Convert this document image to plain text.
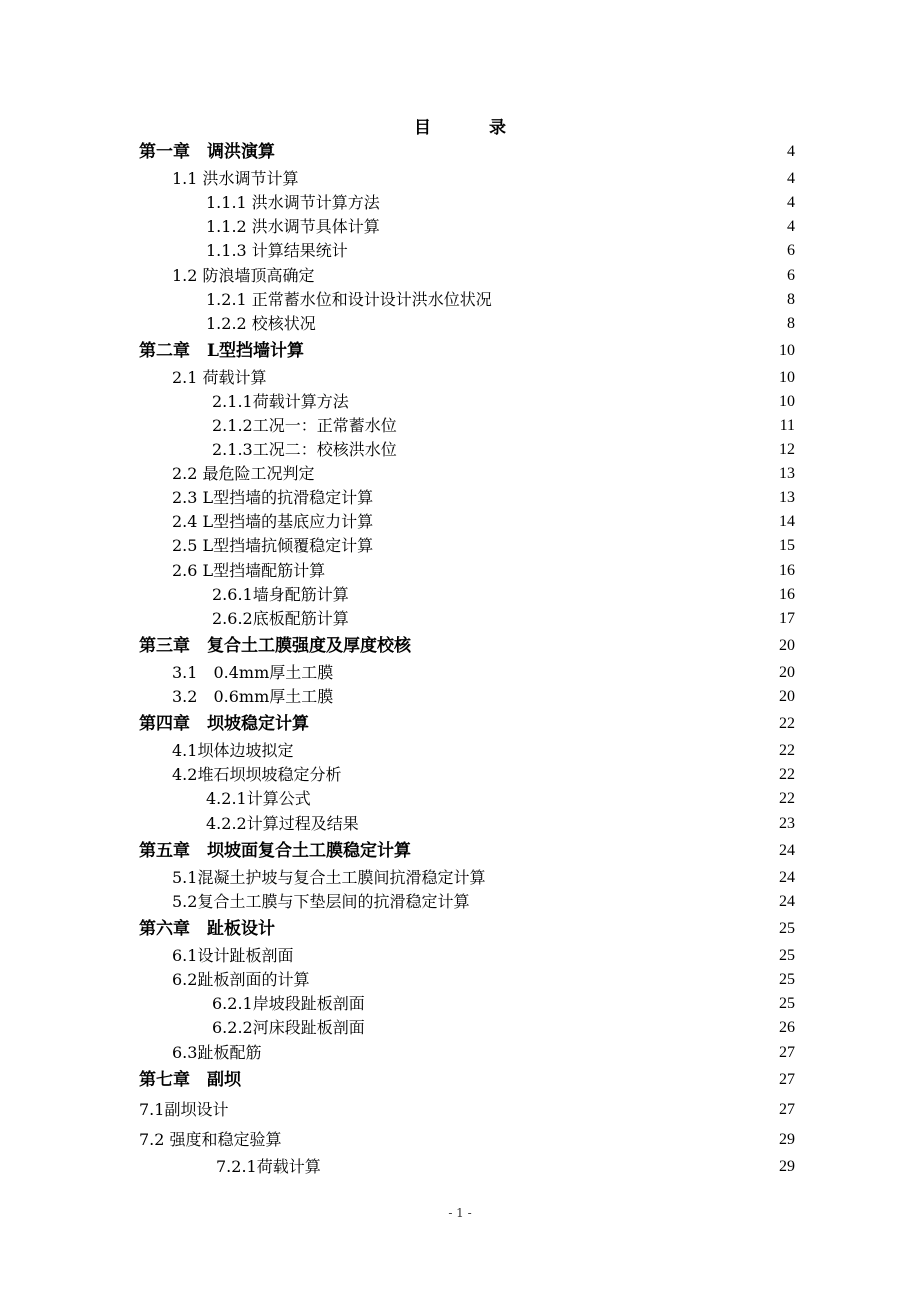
目	录
第一章　调洪演算	4
1.1 洪水调节计算	4
1.1.1 洪水调节计算方法	4
1.1.2 洪水调节具体计算	4
1.1.3 计算结果统计	6
1.2 防浪墙顶高确定	6
1.2.1 正常蓄水位和设计设计洪水位状况	8
1.2.2 校核状况	8
第二章　L型挡墙计算	10
2.1 荷载计算	10
2.1.1荷载计算方法	10
2.1.2工况一：正常蓄水位	11
2.1.3工况二：校核洪水位	12
2.2 最危险工况判定	13
2.3 L型挡墙的抗滑稳定计算	13
2.4 L型挡墙的基底应力计算	14
2.5 L型挡墙抗倾覆稳定计算	15
2.6 L型挡墙配筋计算	16
2.6.1墙身配筋计算	16
2.6.2底板配筋计算	17
第三章　复合土工膜强度及厚度校核	20
3.1　0.4mm厚土工膜	20
3.2　0.6mm厚土工膜	20
第四章　坝坡稳定计算	22
4.1坝体边坡拟定	22
4.2堆石坝坝坡稳定分析	22
4.2.1计算公式	22
4.2.2计算过程及结果	23
第五章　坝坡面复合土工膜稳定计算	24
5.1混凝土护坡与复合土工膜间抗滑稳定计算	24
5.2复合土工膜与下垫层间的抗滑稳定计算	24
第六章　趾板设计	25
6.1设计趾板剖面	25
6.2趾板剖面的计算	25
6.2.1岸坡段趾板剖面	25
6.2.2河床段趾板剖面	26
6.3趾板配筋	27
第七章　副坝	27
7.1副坝设计	27
7.2 强度和稳定验算	29
7.2.1荷载计算	29
- 1 -
